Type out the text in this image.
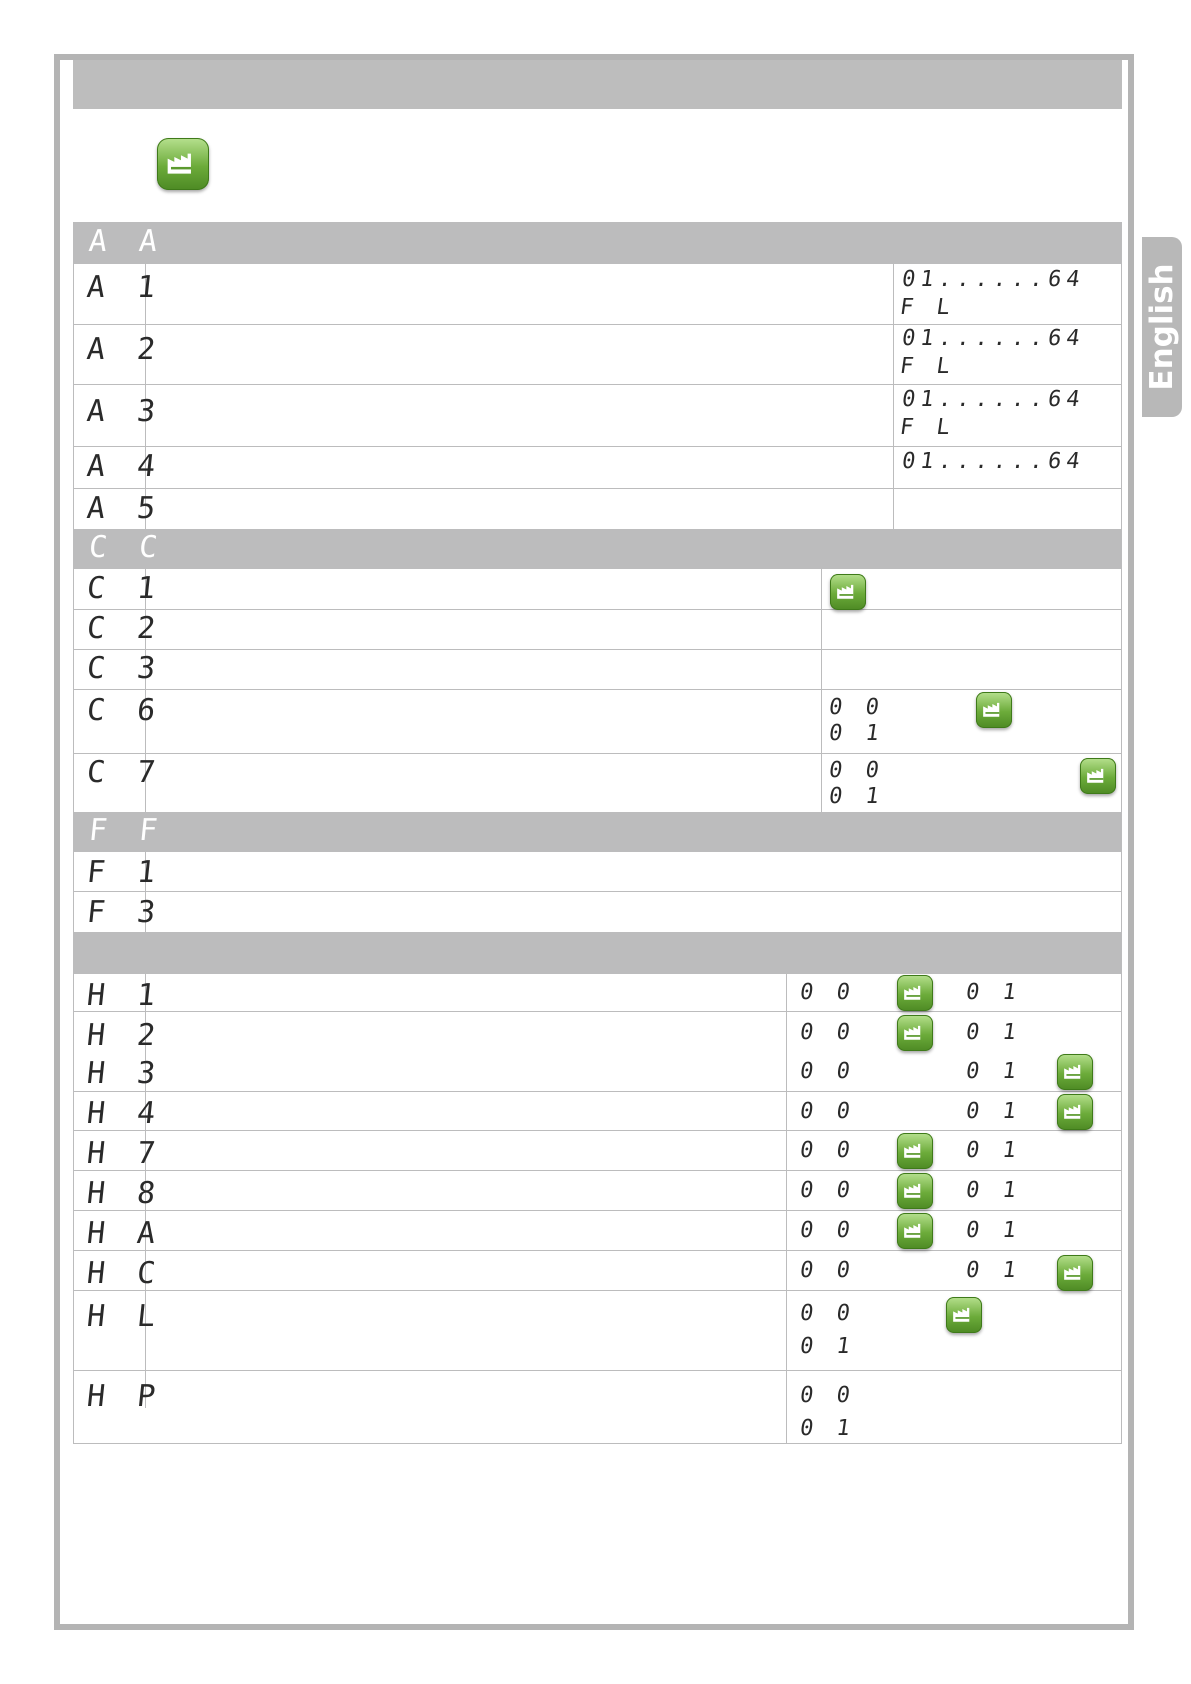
English
A A
C C
F F
A 1	01......64
F L
A 2	01......64
F L
A 3	01......64
F L
A 4	01......64
A 5
C 1
C 2
C 3
C 6	0 0
0 1
C 7	0 0
0 1
F 1
F 3
H 1	0 0	0 1
H 2	0 0	0 1
H 3	0 0	0 1
H 4	0 0	0 1
H 7	0 0	0 1
H 8	0 0	0 1
H A	0 0	0 1
H C	0 0	0 1
H L	0 0
0 1
H P	0 0
0 1
